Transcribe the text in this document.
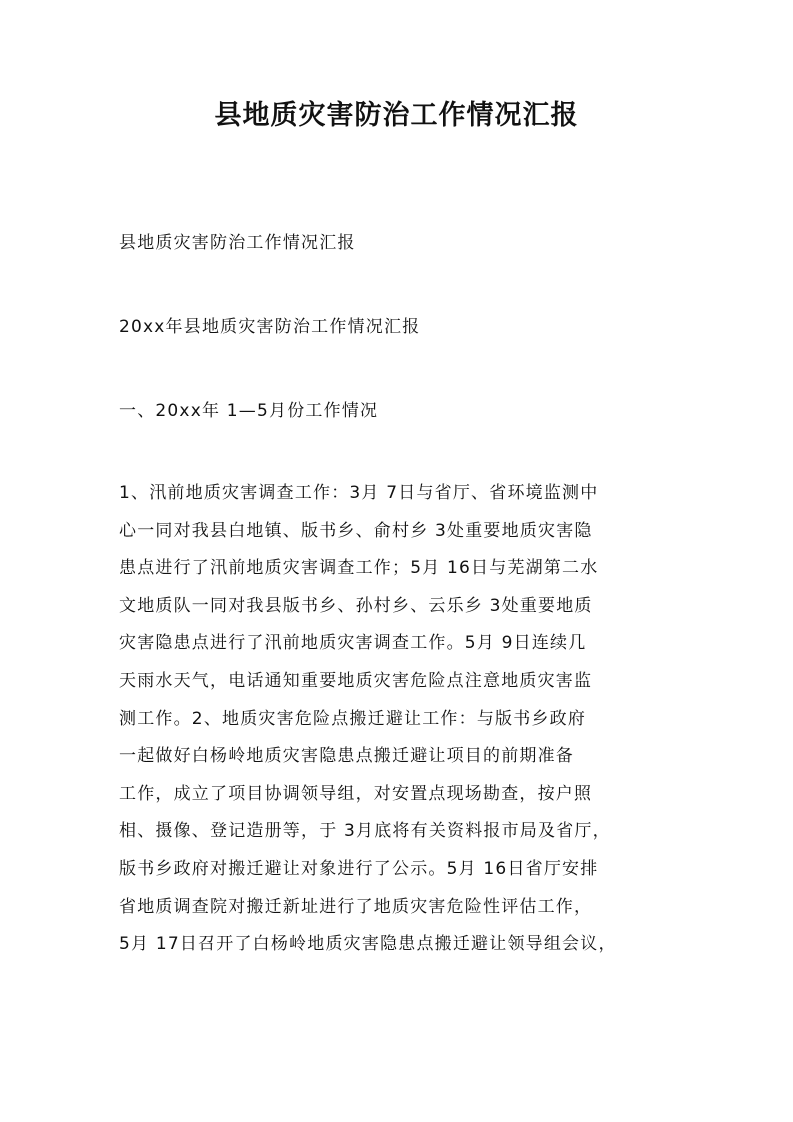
县地质灾害防治工作情况汇报

县地质灾害防治工作情况汇报

20xx年县地质灾害防治工作情况汇报

一、20xx年 1—5月份工作情况

1、汛前地质灾害调查工作：3月 7日与省厅、省环境监测中
心一同对我县白地镇、版书乡、俞村乡 3处重要地质灾害隐
患点进行了汛前地质灾害调查工作；5月 16日与芜湖第二水
文地质队一同对我县版书乡、孙村乡、云乐乡 3处重要地质
灾害隐患点进行了汛前地质灾害调查工作。5月 9日连续几
天雨水天气，电话通知重要地质灾害危险点注意地质灾害监
测工作。2、地质灾害危险点搬迁避让工作：与版书乡政府
一起做好白杨岭地质灾害隐患点搬迁避让项目的前期准备
工作，成立了项目协调领导组，对安置点现场勘查，按户照
相、摄像、登记造册等，于 3月底将有关资料报市局及省厅，
版书乡政府对搬迁避让对象进行了公示。5月 16日省厅安排
省地质调查院对搬迁新址进行了地质灾害危险性评估工作，
5月 17日召开了白杨岭地质灾害隐患点搬迁避让领导组会议，
